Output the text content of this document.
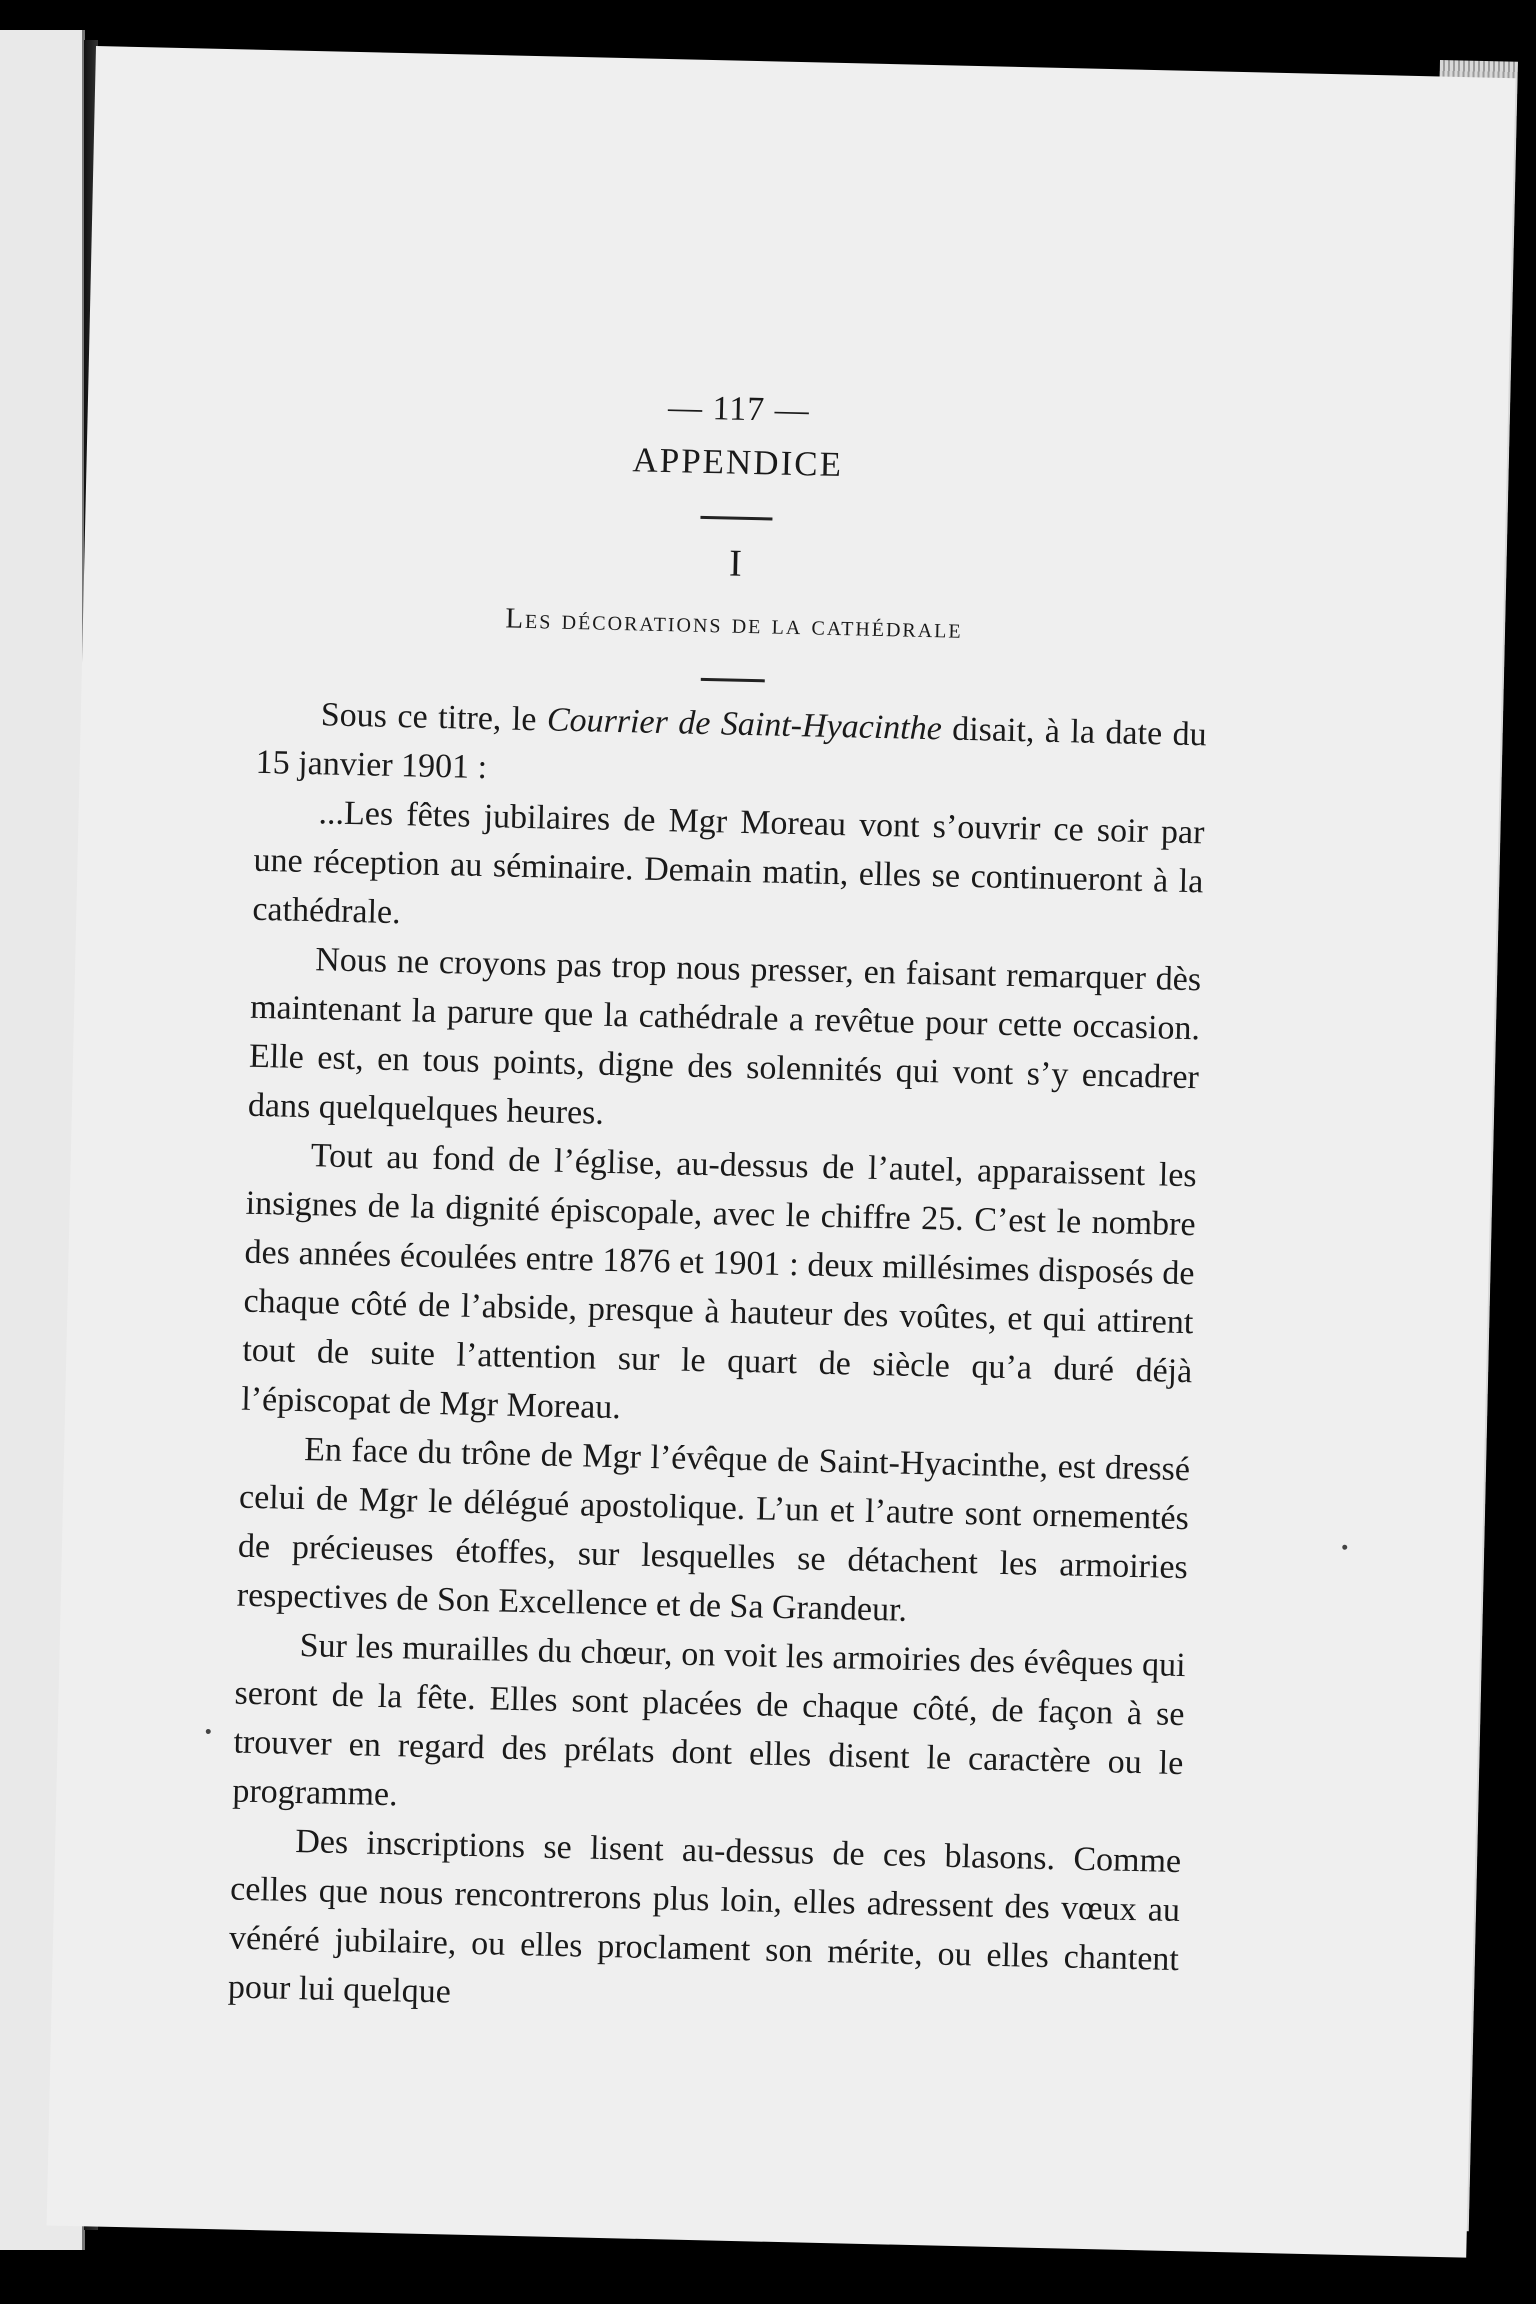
— 117 —
APPENDICE
I
Les décorations de la cathédrale

Sous ce titre, le Courrier de Saint-Hyacinthe disait, à la date du 15 janvier 1901 :

...Les fêtes jubilaires de Mgr Moreau vont s’ouvrir ce soir par une réception au séminaire. Demain matin, elles se continueront à la cathédrale.

Nous ne croyons pas trop nous presser, en faisant remarquer dès maintenant la parure que la cathédrale a revêtue pour cette occasion. Elle est, en tous points, digne des solennités qui vont s’y encadrer dans quelquelques heures.

Tout au fond de l’église, au-dessus de l’autel, apparaissent les insignes de la dignité épiscopale, avec le chiffre 25. C’est le nombre des années écoulées entre 1876 et 1901 : deux millésimes disposés de chaque côté de l’abside, presque à hauteur des voûtes, et qui attirent tout de suite l’attention sur le quart de siècle qu’a duré déjà l’épiscopat de Mgr Moreau.

En face du trône de Mgr l’évêque de Saint-Hyacinthe, est dressé celui de Mgr le délégué apostolique. L’un et l’autre sont ornementés de précieuses étoffes, sur lesquelles se détachent les armoiries respectives de Son Excellence et de Sa Grandeur.

Sur les murailles du chœur, on voit les armoiries des évêques qui seront de la fête. Elles sont placées de chaque côté, de façon à se trouver en regard des prélats dont elles disent le caractère ou le programme.

Des inscriptions se lisent au-dessus de ces blasons. Comme celles que nous rencontrerons plus loin, elles adressent des vœux au vénéré jubilaire, ou elles proclament son mérite, ou elles chantent pour lui quelque
